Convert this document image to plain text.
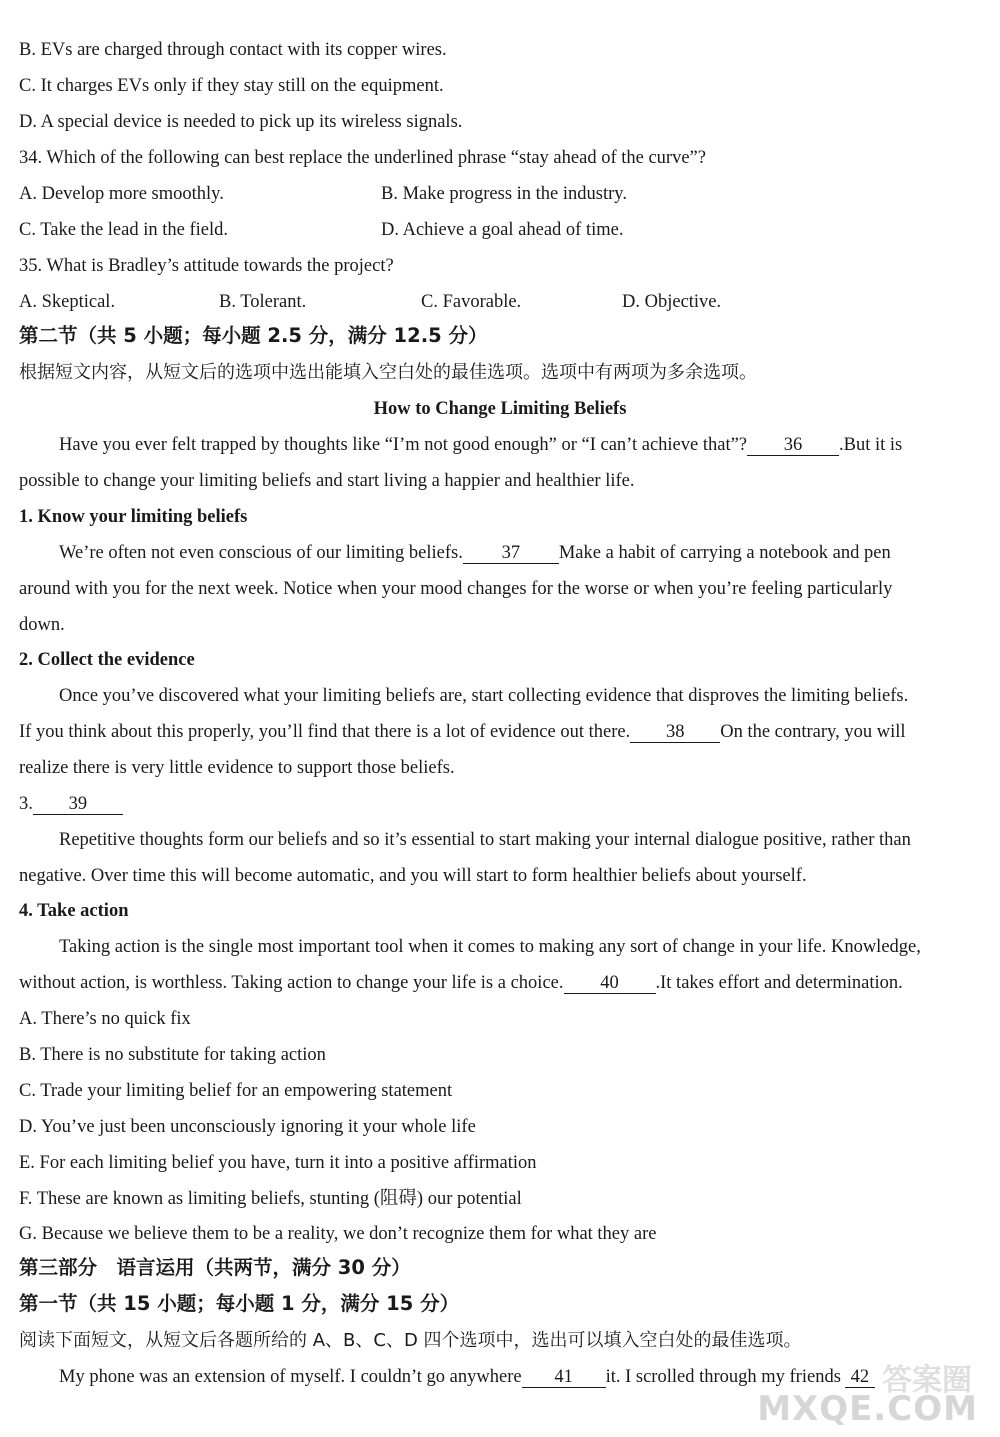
B. EVs are charged through contact with its copper wires.
C. It charges EVs only if they stay still on the equipment.
D. A special device is needed to pick up its wireless signals.
34. Which of the following can best replace the underlined phrase “stay ahead of the curve”?
A. Develop more smoothly.	B. Make progress in the industry.
C. Take the lead in the field.	D. Achieve a goal ahead of time.
35. What is Bradley’s attitude towards the project?
A. Skeptical.	B. Tolerant.	C. Favorable.	D. Objective.
第二节（共 5 小题；每小题 2.5 分，满分 12.5 分）
根据短文内容，从短文后的选项中选出能填入空白处的最佳选项。选项中有两项为多余选项。
How to Change Limiting Beliefs
Have you ever felt trapped by thoughts like “I’m not good enough” or “I can’t achieve that”? 36 .But it is
possible to change your limiting beliefs and start living a happier and healthier life.
1. Know your limiting beliefs
We’re often not even conscious of our limiting beliefs. 37 Make a habit of carrying a notebook and pen
around with you for the next week. Notice when your mood changes for the worse or when you’re feeling particularly
down.
2. Collect the evidence
Once you’ve discovered what your limiting beliefs are, start collecting evidence that disproves the limiting beliefs.
If you think about this properly, you’ll find that there is a lot of evidence out there. 38 On the contrary, you will
realize there is very little evidence to support those beliefs.
3. 39
Repetitive thoughts form our beliefs and so it’s essential to start making your internal dialogue positive, rather than
negative. Over time this will become automatic, and you will start to form healthier beliefs about yourself.
4. Take action
Taking action is the single most important tool when it comes to making any sort of change in your life. Knowledge,
without action, is worthless. Taking action to change your life is a choice. 40 .It takes effort and determination.
A. There’s no quick fix
B. There is no substitute for taking action
C. Trade your limiting belief for an empowering statement
D. You’ve just been unconsciously ignoring it your whole life
E. For each limiting belief you have, turn it into a positive affirmation
F. These are known as limiting beliefs, stunting (阻碍) our potential
G. Because we believe them to be a reality, we don’t recognize them for what they are
第三部分　语言运用（共两节，满分 30 分）
第一节（共 15 小题；每小题 1 分，满分 15 分）
阅读下面短文，从短文后各题所给的 A、B、C、D 四个选项中，选出可以填入空白处的最佳选项。
My phone was an extension of myself. I couldn’t go anywhere 41 it. I scrolled through my friends 42 答案圈
MXQE.COM
